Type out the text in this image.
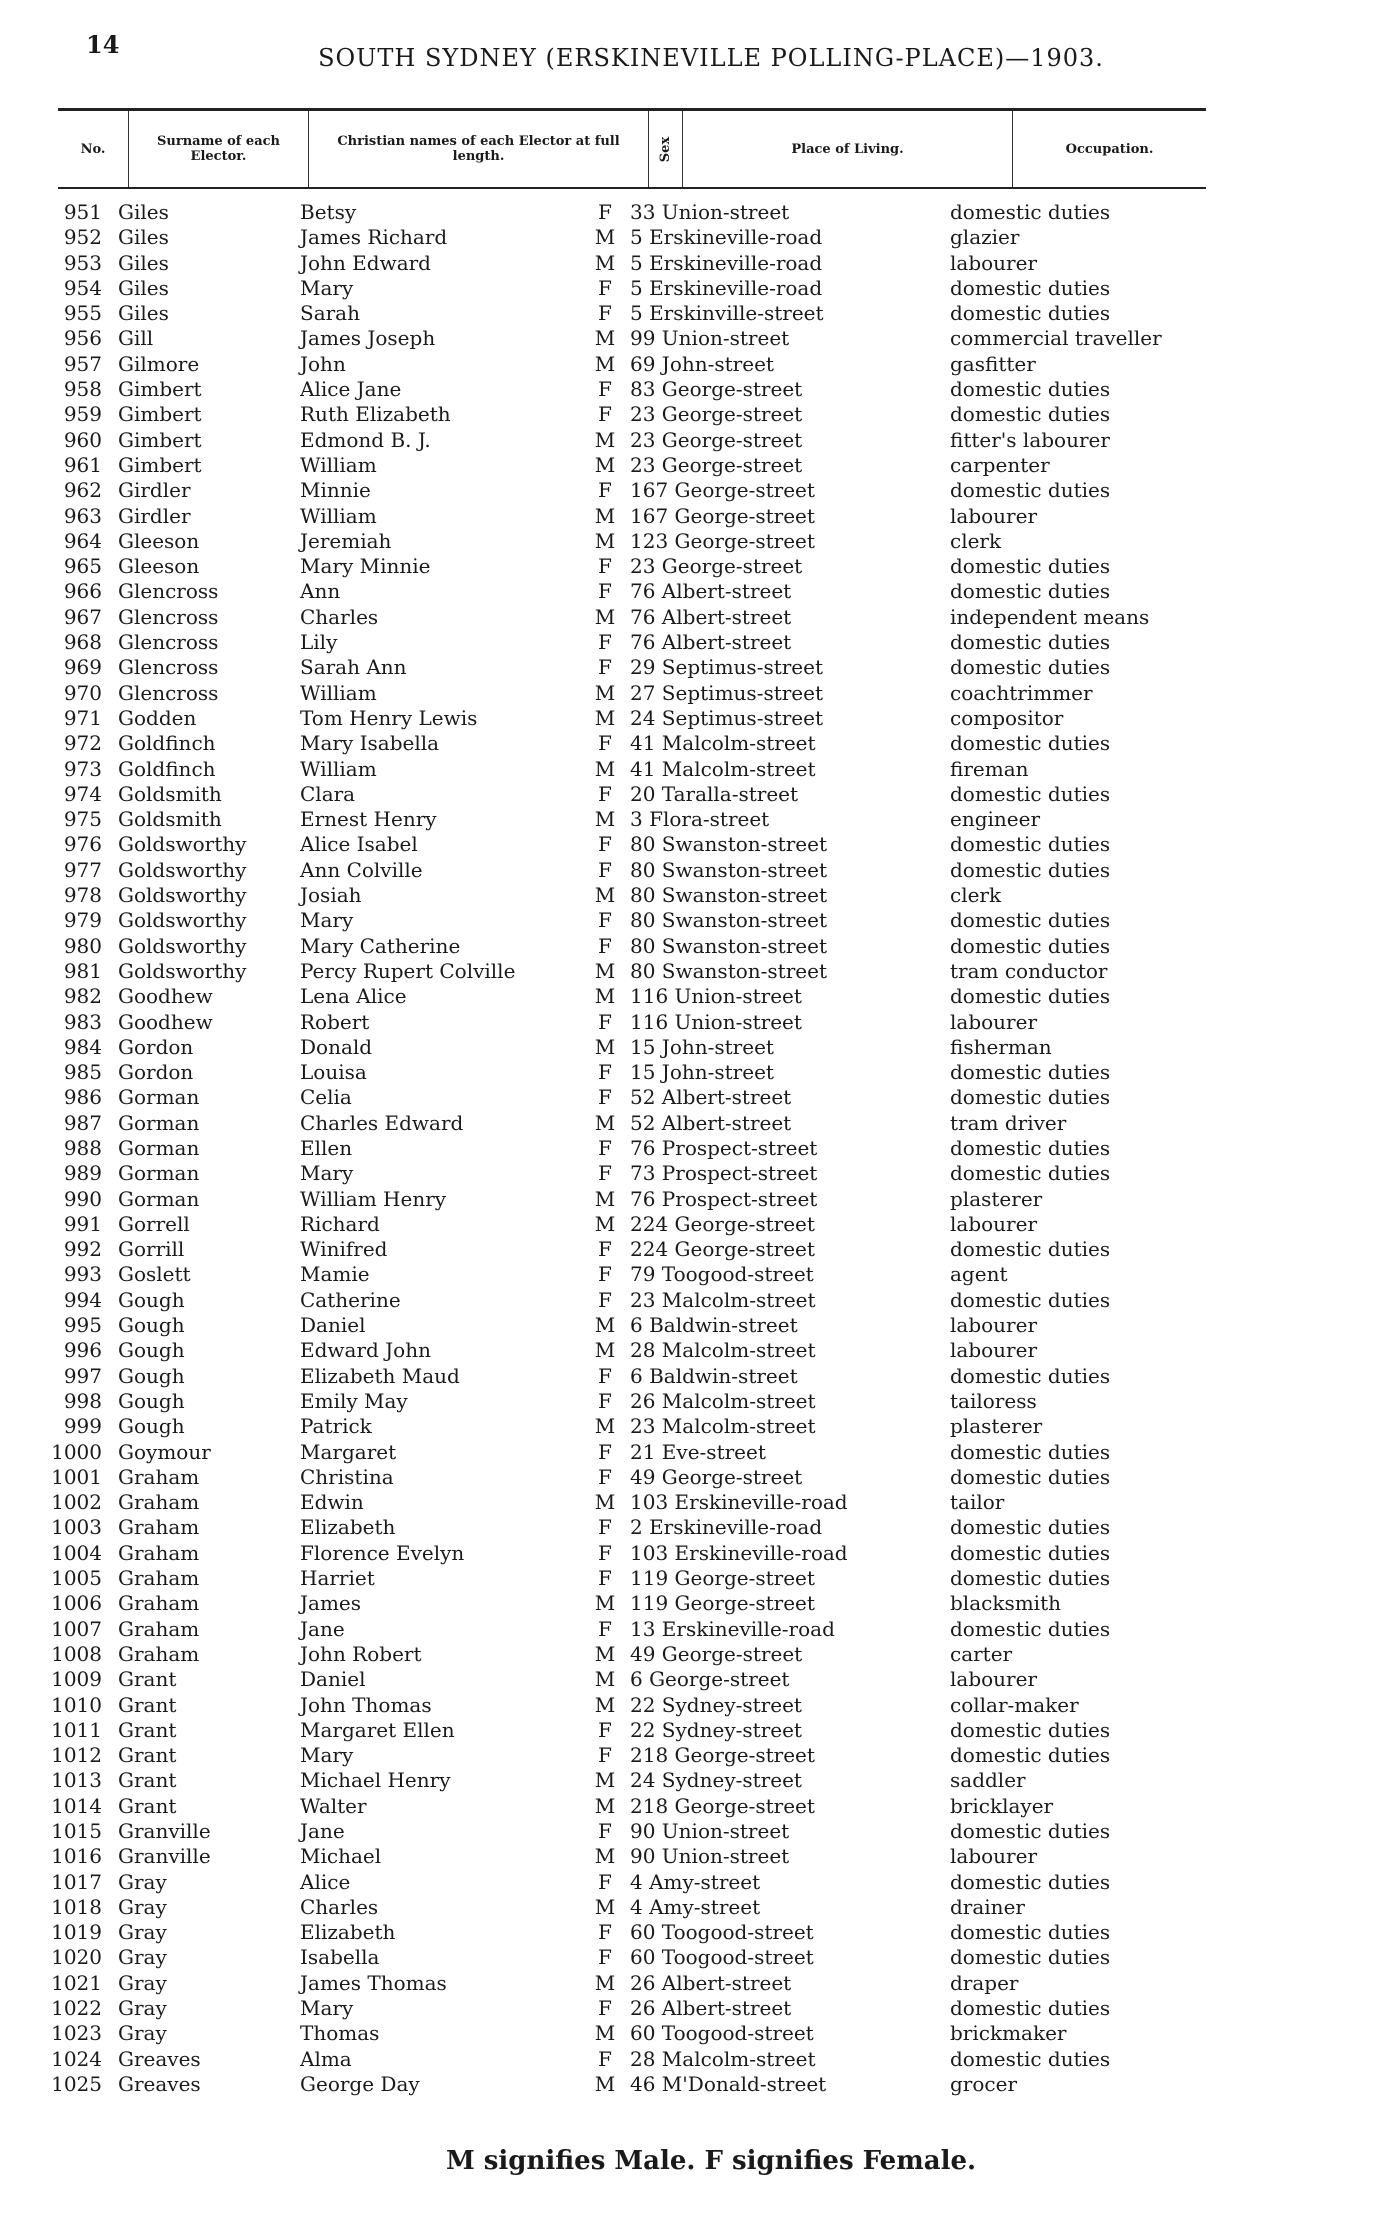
14	SOUTH SYDNEY (ERSKINEVILLE POLLING-PLACE)—1903.
No.	Surname of each Elector.
Christian names of each Elector at full length.	Sex	Place of Living.	Occupation.
951 Giles	Betsy	F 33 Union-street	domestic duties
952 Giles	James Richard	M 5 Erskineville-road	glazier
953 Giles	John Edward	M 5 Erskineville-road	labourer
954 Giles	Mary	F 5 Erskineville-road	domestic duties
955 Giles	Sarah	F 5 Erskinville-street	domestic duties
956 Gill	James Joseph	M 99 Union-street	commercial traveller
957 Gilmore	John	M 69 John-street	gasfitter
958 Gimbert	Alice Jane	F 83 George-street	domestic duties
959 Gimbert	Ruth Elizabeth	F 23 George-street	domestic duties
960 Gimbert	Edmond B. J.	M 23 George-street	fitter's labourer
961 Gimbert	William	M 23 George-street	carpenter
962 Girdler	Minnie	F 167 George-street	domestic duties
963 Girdler	William	M 167 George-street	labourer
964 Gleeson	Jeremiah	M 123 George-street	clerk
965 Gleeson	Mary Minnie	F 23 George-street	domestic duties
966 Glencross	Ann	F 76 Albert-street	domestic duties
967 Glencross	Charles	M 76 Albert-street	independent means
968 Glencross	Lily	F 76 Albert-street	domestic duties
969 Glencross	Sarah Ann	F 29 Septimus-street	domestic duties
970 Glencross	William	M 27 Septimus-street	coachtrimmer
971 Godden	Tom Henry Lewis	M 24 Septimus-street	compositor
972 Goldfinch	Mary Isabella	F 41 Malcolm-street	domestic duties
973 Goldfinch	William	M 41 Malcolm-street	fireman
974 Goldsmith	Clara	F 20 Taralla-street	domestic duties
975 Goldsmith	Ernest Henry	M 3 Flora-street	engineer
976 Goldsworthy	Alice Isabel	F 80 Swanston-street	domestic duties
977 Goldsworthy	Ann Colville	F 80 Swanston-street	domestic duties
978 Goldsworthy	Josiah	M 80 Swanston-street	clerk
979 Goldsworthy	Mary	F 80 Swanston-street	domestic duties
980 Goldsworthy	Mary Catherine	F 80 Swanston-street	domestic duties
981 Goldsworthy	Percy Rupert Colville	M 80 Swanston-street	tram conductor
982 Goodhew	Lena Alice	M 116 Union-street	domestic duties
983 Goodhew	Robert	F 116 Union-street	labourer
984 Gordon	Donald	M 15 John-street	fisherman
985 Gordon	Louisa	F 15 John-street	domestic duties
986 Gorman	Celia	F 52 Albert-street	domestic duties
987 Gorman	Charles Edward	M 52 Albert-street	tram driver
988 Gorman	Ellen	F 76 Prospect-street	domestic duties
989 Gorman	Mary	F 73 Prospect-street	domestic duties
990 Gorman	William Henry	M 76 Prospect-street	plasterer
991 Gorrell	Richard	M 224 George-street	labourer
992 Gorrill	Winifred	F 224 George-street	domestic duties
993 Goslett	Mamie	F 79 Toogood-street	agent
994 Gough	Catherine	F 23 Malcolm-street	domestic duties
995 Gough	Daniel	M 6 Baldwin-street	labourer
996 Gough	Edward John	M 28 Malcolm-street	labourer
997 Gough	Elizabeth Maud	F 6 Baldwin-street	domestic duties
998 Gough	Emily May	F 26 Malcolm-street	tailoress
999 Gough	Patrick	M 23 Malcolm-street	plasterer
1000 Goymour	Margaret	F 21 Eve-street	domestic duties
1001 Graham	Christina	F 49 George-street	domestic duties
1002 Graham	Edwin	M 103 Erskineville-road	tailor
1003 Graham	Elizabeth	F 2 Erskineville-road	domestic duties
1004 Graham	Florence Evelyn	F 103 Erskineville-road	domestic duties
1005 Graham	Harriet	F 119 George-street	domestic duties
1006 Graham	James	M 119 George-street	blacksmith
1007 Graham	Jane	F 13 Erskineville-road	domestic duties
1008 Graham	John Robert	M 49 George-street	carter
1009 Grant	Daniel	M 6 George-street	labourer
1010 Grant	John Thomas	M 22 Sydney-street	collar-maker
1011 Grant	Margaret Ellen	F 22 Sydney-street	domestic duties
1012 Grant	Mary	F 218 George-street	domestic duties
1013 Grant	Michael Henry	M 24 Sydney-street	saddler
1014 Grant	Walter	M 218 George-street	bricklayer
1015 Granville	Jane	F 90 Union-street	domestic duties
1016 Granville	Michael	M 90 Union-street	labourer
1017 Gray	Alice	F 4 Amy-street	domestic duties
1018 Gray	Charles	M 4 Amy-street	drainer
1019 Gray	Elizabeth	F 60 Toogood-street	domestic duties
1020 Gray	Isabella	F 60 Toogood-street	domestic duties
1021 Gray	James Thomas	M 26 Albert-street	draper
1022 Gray	Mary	F 26 Albert-street	domestic duties
1023 Gray	Thomas	M 60 Toogood-street	brickmaker
1024 Greaves	Alma	F 28 Malcolm-street	domestic duties
1025 Greaves	George Day	M 46 M'Donald-street	grocer
M signifies Male. F signifies Female.
